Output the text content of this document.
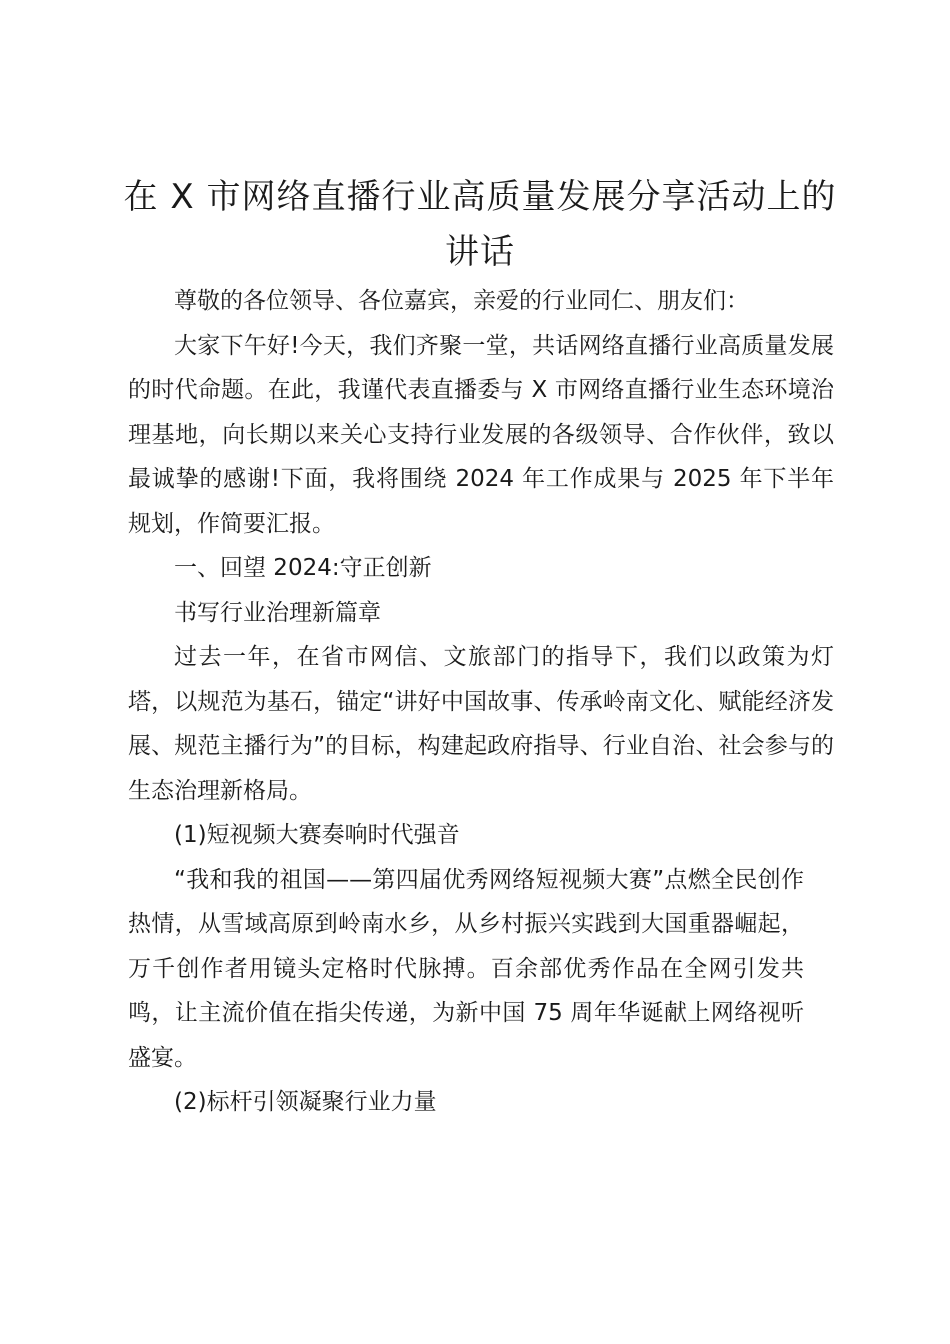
在 X 市网络直播行业高质量发展分享活动上的
讲话

尊敬的各位领导、各位嘉宾，亲爱的行业同仁、朋友们：

大家下午好!今天，我们齐聚一堂，共话网络直播行业高质量发展的时代命题。在此，我谨代表直播委与 X 市网络直播行业生态环境治理基地，向长期以来关心支持行业发展的各级领导、合作伙伴，致以最诚挚的感谢!下面，我将围绕 2024 年工作成果与 2025 年下半年规划，作简要汇报。

一、回望 2024:守正创新

书写行业治理新篇章

过去一年，在省市网信、文旅部门的指导下，我们以政策为灯塔，以规范为基石，锚定“讲好中国故事、传承岭南文化、赋能经济发展、规范主播行为”的目标，构建起政府指导、行业自治、社会参与的生态治理新格局。

(1)短视频大赛奏响时代强音

“我和我的祖国——第四届优秀网络短视频大赛”点燃全民创作热情，从雪域高原到岭南水乡，从乡村振兴实践到大国重器崛起，万千创作者用镜头定格时代脉搏。百余部优秀作品在全网引发共鸣，让主流价值在指尖传递，为新中国 75 周年华诞献上网络视听盛宴。

(2)标杆引领凝聚行业力量
